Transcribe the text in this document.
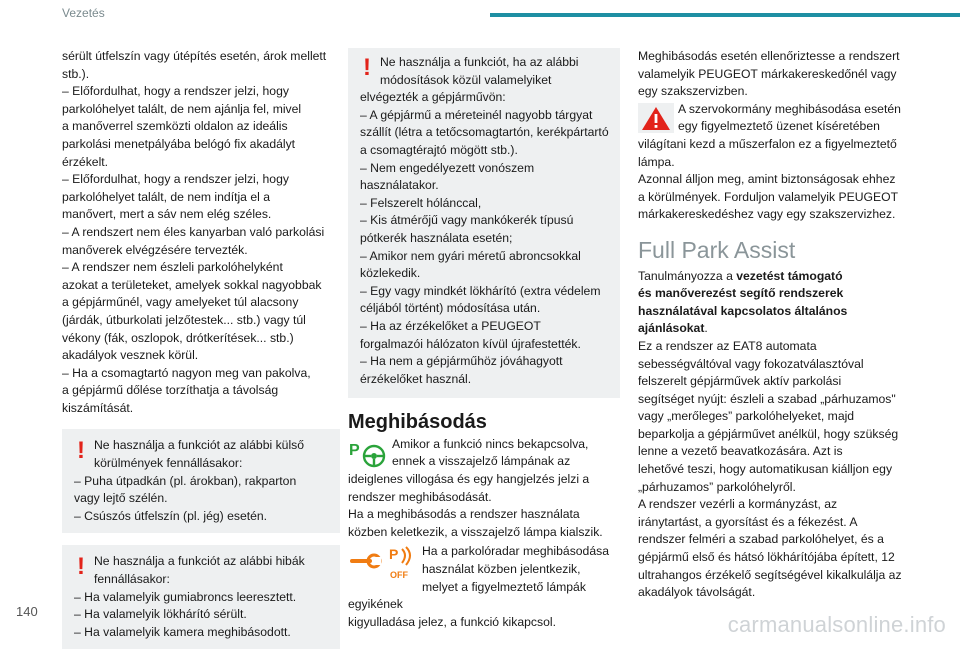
Vezetés

sérült útfelszín vagy útépítés esetén, árok mellett
stb.).
– Előfordulhat, hogy a rendszer jelzi, hogy
parkolóhelyet talált, de nem ajánlja fel, mivel
a manőverrel szemközti oldalon az ideális
parkolási menetpályába belógó fix akadályt
érzékelt.
– Előfordulhat, hogy a rendszer jelzi, hogy
parkolóhelyet talált, de nem indítja el a
manővert, mert a sáv nem elég széles.
– A rendszert nem éles kanyarban való parkolási
manőverek elvégzésére tervezték.
– A rendszer nem észleli parkolóhelyként
azokat a területeket, amelyek sokkal nagyobbak
a gépjárműnél, vagy amelyeket túl alacsony
(járdák, útburkolati jelzőtestek... stb.) vagy túl
vékony (fák, oszlopok, drótkerítések... stb.)
akadályok vesznek körül.
– Ha a csomagtartó nagyon meg van pakolva,
a gépjármű dőlése torzíthatja a távolság
kiszámítását.

! Ne használja a funkciót az alábbi külső
körülmények fennállásakor:
– Puha útpadkán (pl. árokban), rakparton
vagy lejtő szélén.
– Csúszós útfelszín (pl. jég) esetén.
! Ne használja a funkciót az alábbi hibák
fennállásakor:
– Ha valamelyik gumiabroncs leeresztett.
– Ha valamelyik lökhárító sérült.
– Ha valamelyik kamera meghibásodott.
! Ne használja a funkciót, ha az alábbi
módosítások közül valamelyiket
elvégezték a gépjárművön:
– A gépjármű a méreteinél nagyobb tárgyat
szállít (létra a tetőcsomagtartón, kerékpártartó
a csomagtérajtó mögött stb.).
– Nem engedélyezett vonószem
használatakor.
– Felszerelt hólánccal,
– Kis átmérőjű vagy mankókerék típusú
pótkerék használata esetén;
– Amikor nem gyári méretű abroncsokkal
közlekedik.
– Egy vagy mindkét lökhárító (extra védelem
céljából történt) módosítása után.
– Ha az érzékelőket a PEUGEOT
forgalmazói hálózaton kívül újrafestették.
– Ha nem a gépjárműhöz jóváhagyott
érzékelőket használ.
Meghibásodás
P	Amikor a funkció nincs bekapcsolva,
ennek a visszajelző lámpának az
ideiglenes villogása és egy hangjelzés jelzi a
rendszer meghibásodását.
Ha a meghibásodás a rendszer használata
közben keletkezik, a visszajelző lámpa kialszik.

P
OFF

Ha a parkolóradar meghibásodása
használat közben jelentkezik,
melyet a figyelmeztető lámpák egyikének
kigyulladása jelez, a funkció kikapcsol.

Meghibásodás esetén ellenőriztesse a rendszert
valamelyik PEUGEOT márkakereskedőnél vagy
egy szakszervizben.

A szervokormány meghibásodása esetén
egy figyelmeztető üzenet kíséretében
világítani kezd a műszerfalon ez a figyelmeztető
lámpa.
Azonnal álljon meg, amint biztonságosak ehhez
a körülmények. Forduljon valamelyik PEUGEOT
márkakereskedéshez vagy egy szakszervizhez.

Full Park Assist

Tanulmányozza a vezetést támogató
és manőverezést segítő rendszerek
használatával kapcsolatos általános
ajánlásokat.

Ez a rendszer az EAT8 automata
sebességváltóval vagy fokozatválasztóval
felszerelt gépjárművek aktív parkolási
segítséget nyújt: észleli a szabad „párhuzamos"
vagy „merőleges” parkolóhelyeket, majd
beparkolja a gépjárművet anélkül, hogy szükség
lenne a vezető beavatkozására. Azt is
lehetővé teszi, hogy automatikusan kiálljon egy
„párhuzamos” parkolóhelyről.
A rendszer vezérli a kormányzást, az
iránytartást, a gyorsítást és a fékezést. A
rendszer felméri a szabad parkolóhelyet, és a
gépjármű első és hátsó lökhárítójába épített, 12
ultrahangos érzékelő segítségével kikalkulálja az
akadályok távolságát.

140
carmanualsonline.info
